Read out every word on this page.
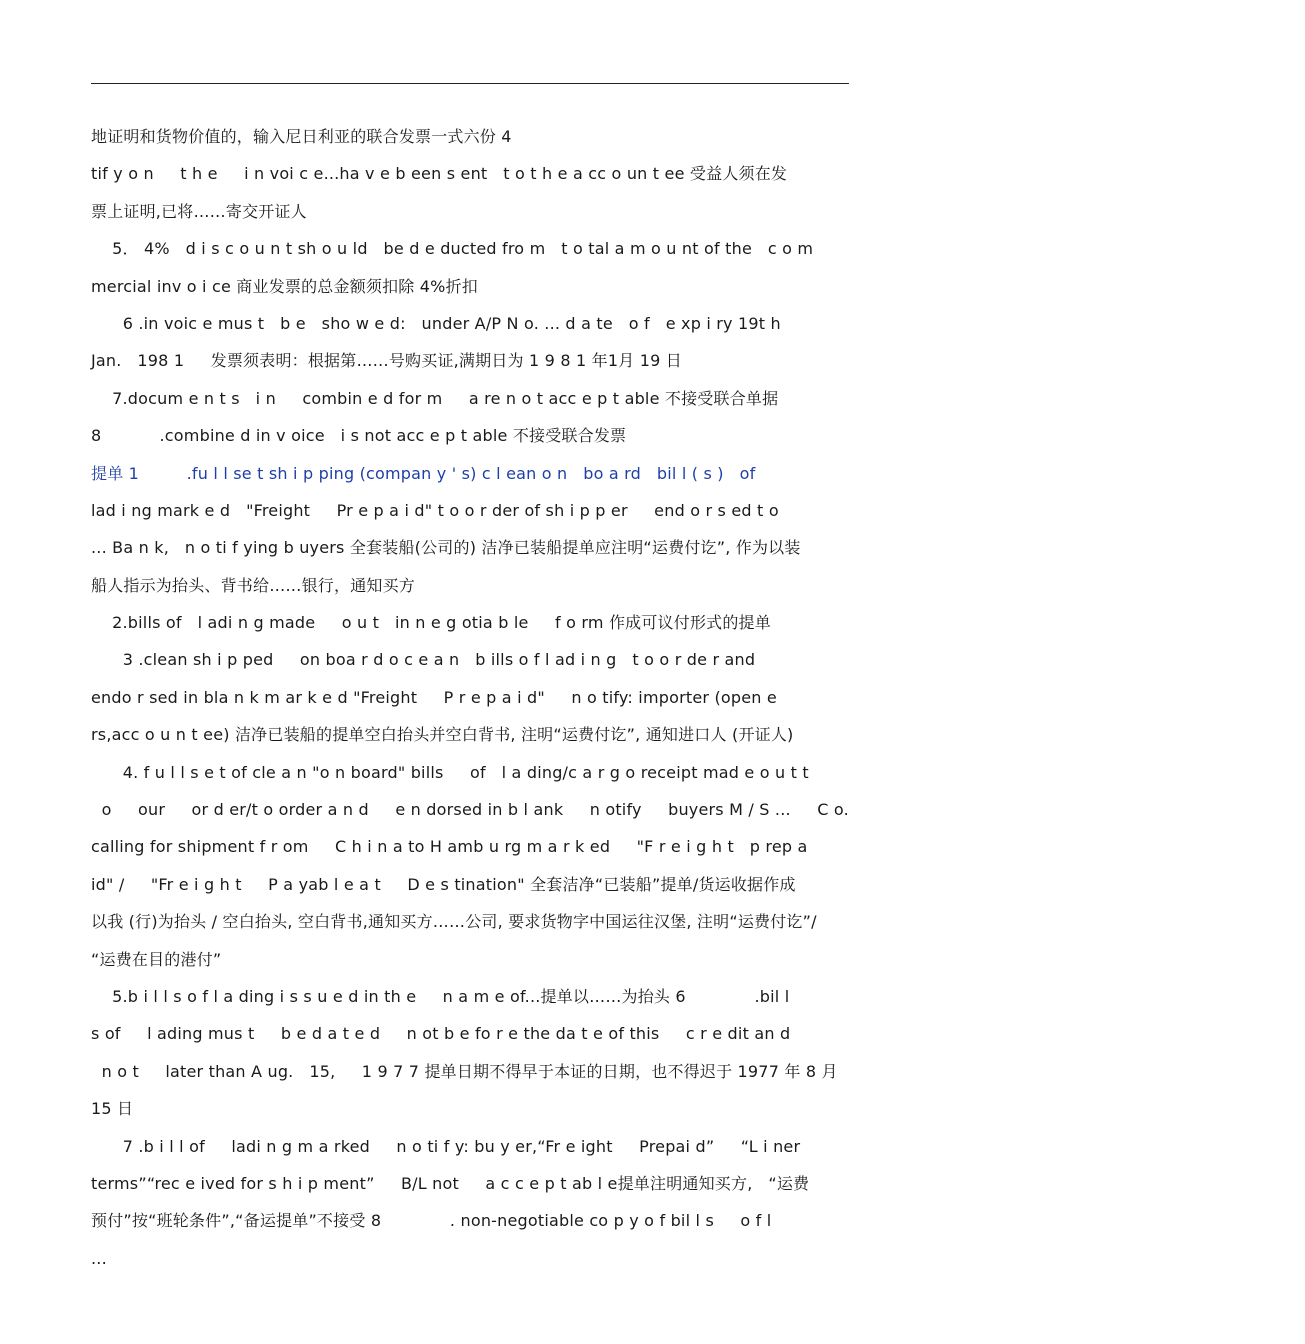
地证明和货物价值的，输入尼日利亚的联合发票一式六份 4
tif y o n     t h e     i n voi c e...ha v e b een s ent   t o t h e a cc o un t ee 受益人须在发
票上证明,已将……寄交开证人
5． 4%   d i s c o u n t sh o u ld   be d e ducted fro m   t o tal a m o u nt of the   c o m
mercial inv o i ce 商业发票的总金额须扣除 4%折扣
6 .in voic e mus t   b e   sho w e d:   under A/P N o. ... d a te   o f   e xp i ry 19t h
Jan.   198 1     发票须表明：根据第……号购买证,满期日为 1 9 8 1 年1月 19 日
7.docum e n t s   i n     combin e d for m     a re n o t acc e p t able 不接受联合单据
8           .combine d in v oice   i s not acc e p t able 不接受联合发票
提单 1         .fu l l se t sh i p ping (compan y ' s) c l ean o n   bo a rd   bil l ( s )   of
lad i ng mark e d   "Freight     Pr e p a i d" t o o r der of sh i p p er     end o r s ed t o
... Ba n k,   n o ti f ying b uyers 全套装船(公司的) 洁净已装船提单应注明“运费付讫”, 作为以装
船人指示为抬头、背书给……银行，通知买方
2.bills of   l adi n g made     o u t   in n e g otia b le     f o rm 作成可议付形式的提单
3 .clean sh i p ped     on boa r d o c e a n   b ills o f l ad i n g   t o o r de r and
endo r sed in bla n k m ar k e d "Freight     P r e p a i d"     n o tify: importer (open e
rs,acc o u n t ee) 洁净已装船的提单空白抬头并空白背书, 注明“运费付讫”, 通知进口人 (开证人)
4. f u l l s e t of cle a n "o n board" bills     of   l a ding/c a r g o receipt mad e o u t t
o     our     or d er/t o order a n d     e n dorsed in b l ank     n otify     buyers M / S ...     C o.
calling for shipment f r om     C h i n a to H amb u rg m a r k ed     "F r e i g h t   p rep a
id" /     "Fr e i g h t     P a yab l e a t     D e s tination" 全套洁净“已装船”提单/货运收据作成
以我 (行)为抬头 / 空白抬头, 空白背书,通知买方……公司, 要求货物字中国运往汉堡, 注明“运费付讫”/
“运费在目的港付”
5.b i l l s o f l a ding i s s u e d in th e     n a m e of...提单以……为抬头 6             .bil l
s of     l ading mus t     b e d a t e d     n ot b e fo r e the da t e of this     c r e dit an d
n o t     later than A ug.   15,     1 9 7 7 提单日期不得早于本证的日期，也不得迟于 1977 年 8 月
15 日
7 .b i l l of     ladi n g m a rked     n o ti f y: bu y er,“Fr e ight     Prepai d”     “L i ner
terms”“rec e ived for s h i p ment”     B/L not     a c c e p t ab l e提单注明通知买方,   “运费
预付”按“班轮条件”,“备运提单”不接受 8             . non-negotiable co p y o f bil l s     o f l
...
